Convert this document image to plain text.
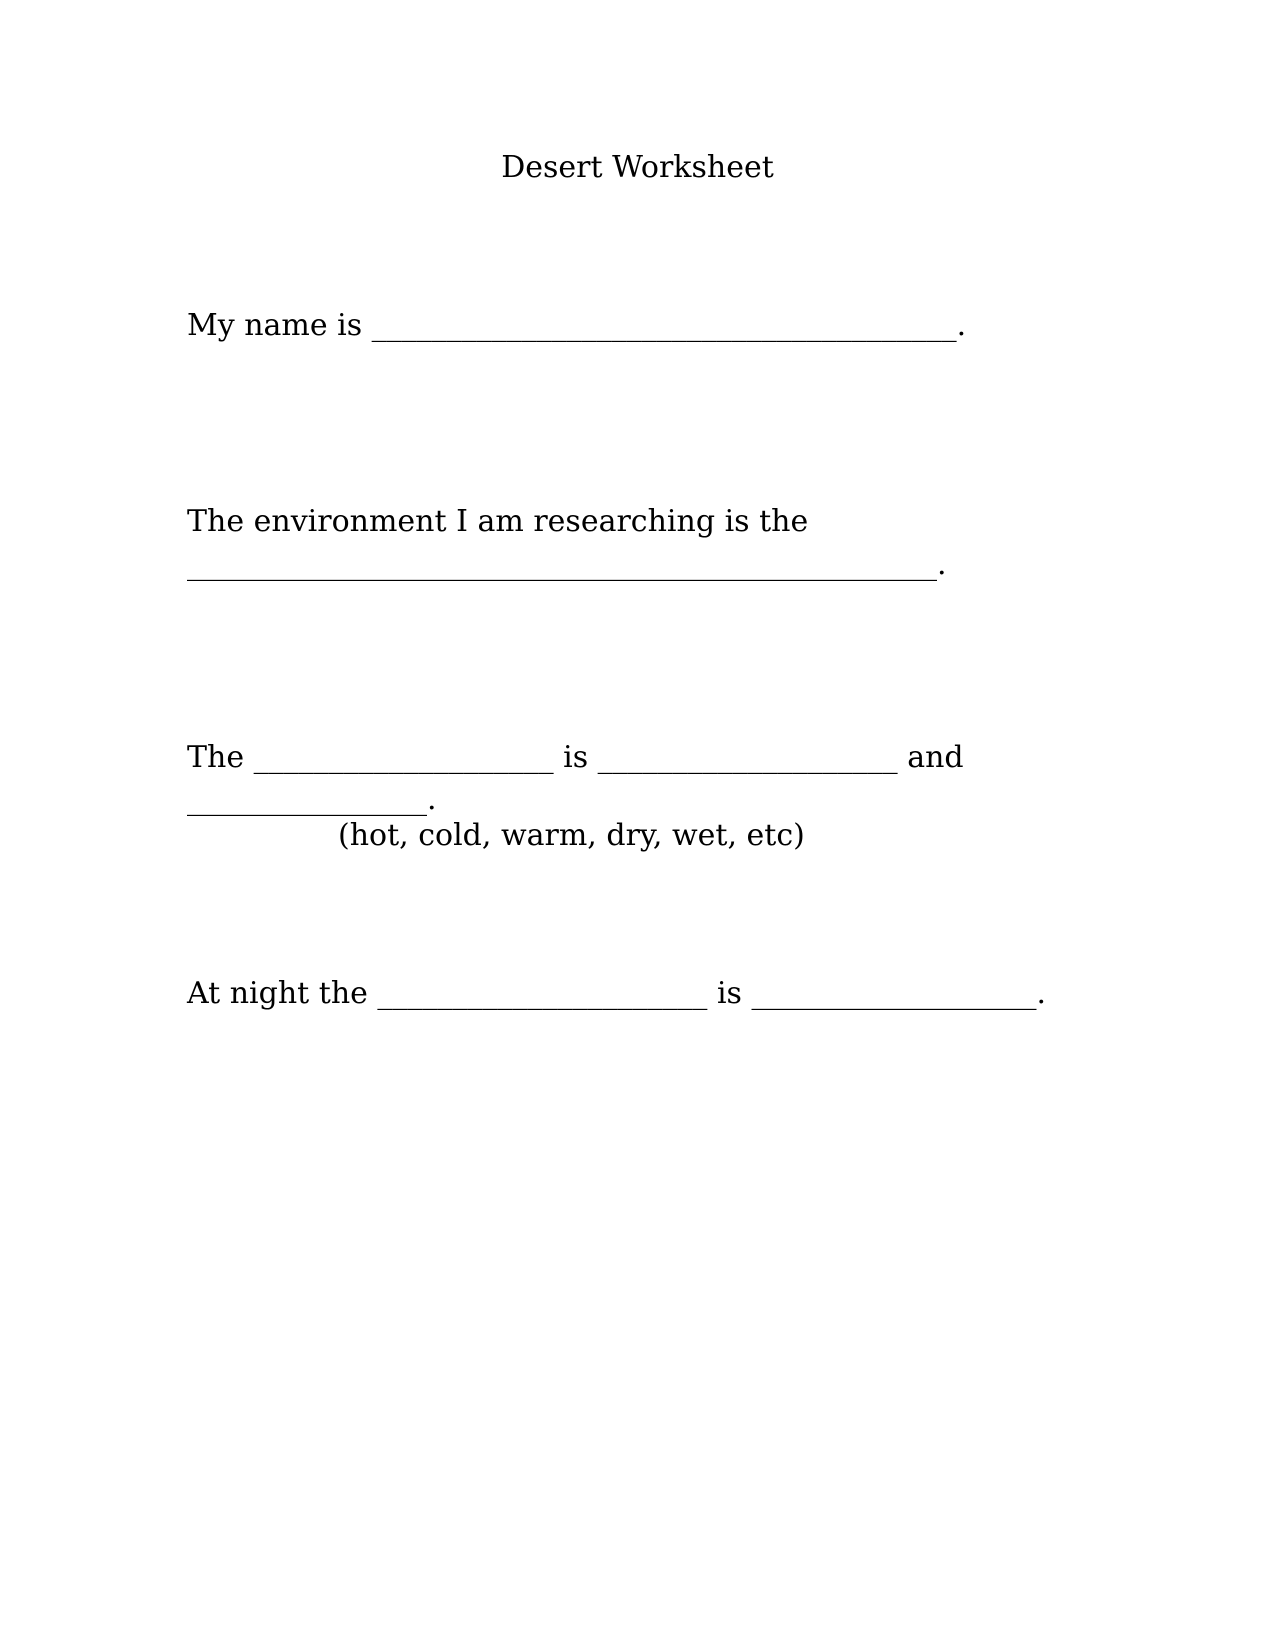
Desert Worksheet
My name is _______________________________________.
The environment I am researching is the
__________________________________________________.
The ____________________ is ____________________ and
________________.
(hot, cold, warm, dry, wet, etc)
At night the ______________________ is ___________________.
